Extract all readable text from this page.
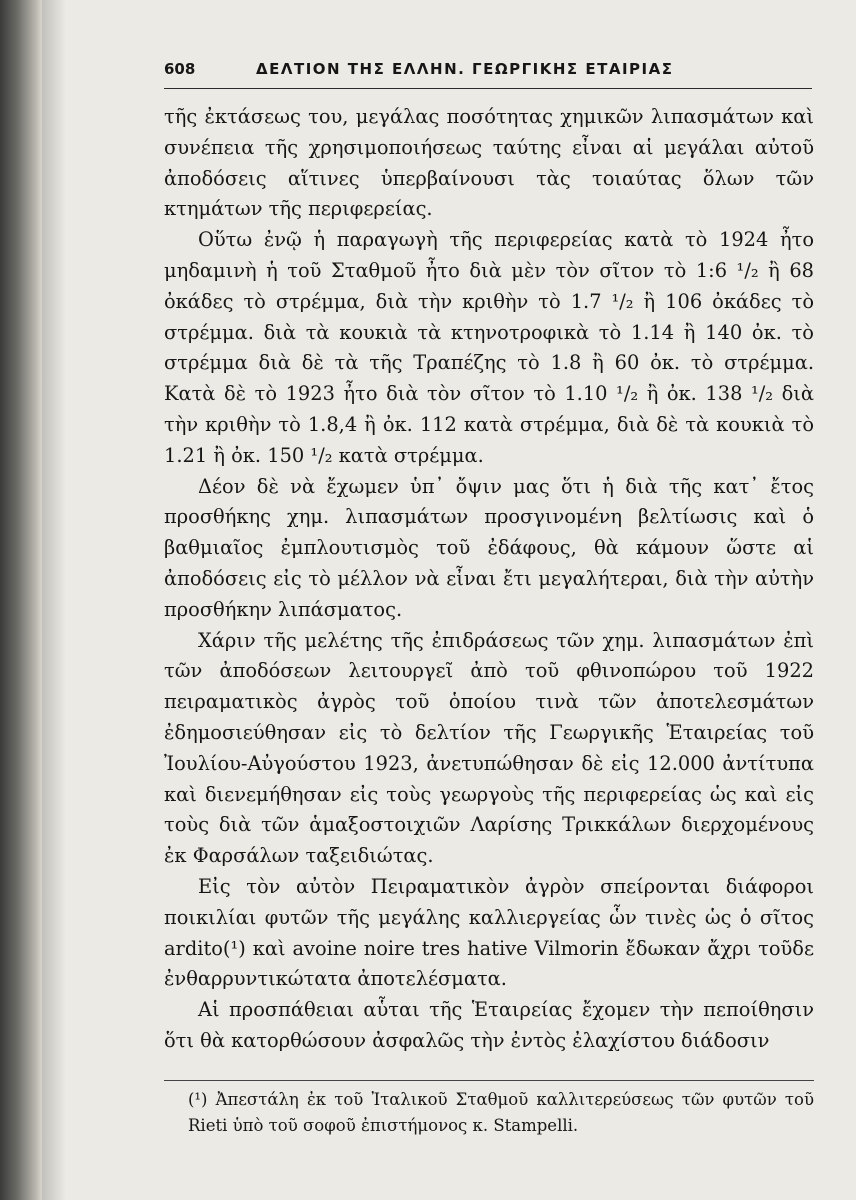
608	ΔΕΛΤΙΟΝ ΤΗΣ ΕΛΛΗΝ. ΓΕΩΡΓΙΚΗΣ ΕΤΑΙΡΙΑΣ

τῆς ἐκτάσεως του, μεγάλας ποσότητας χημικῶν λιπασμάτων καὶ συνέπεια τῆς χρησιμοποιήσεως ταύτης εἶναι αἱ μεγάλαι αὐτοῦ ἀποδόσεις αἵτινες ὑπερβαίνουσι τὰς τοιαύτας ὅλων τῶν κτημάτων τῆς περιφερείας.

Οὕτω ἐνῷ ἡ παραγωγὴ τῆς περιφερείας κατὰ τὸ 1924 ἦτο μηδαμινὴ ἡ τοῦ Σταθμοῦ ἦτο διὰ μὲν τὸν σῖτον τὸ 1:6 ¹/₂ ἢ 68 ὀκάδες τὸ στρέμμα, διὰ τὴν κριθὴν τὸ 1.7 ¹/₂ ἢ 106 ὀκάδες τὸ στρέμμα. διὰ τὰ κουκιὰ τὰ κτηνοτροφικὰ τὸ 1.14 ἢ 140 ὀκ. τὸ στρέμμα διὰ δὲ τὰ τῆς Τραπέζης τὸ 1.8 ἢ 60 ὀκ. τὸ στρέμμα. Κατὰ δὲ τὸ 1923 ἦτο διὰ τὸν σῖτον τὸ 1.10 ¹/₂ ἢ ὀκ. 138 ¹/₂ διὰ τὴν κριθὴν τὸ 1.8,4 ἢ ὀκ. 112 κατὰ στρέμμα, διὰ δὲ τὰ κουκιὰ τὸ 1.21 ἢ ὀκ. 150 ¹/₂ κατὰ στρέμμα.

Δέον δὲ νὰ ἔχωμεν ὑπ᾿ ὄψιν μας ὅτι ἡ διὰ τῆς κατ᾿ ἔτος προσθήκης χημ. λιπασμάτων προσγινομένη βελτίωσις καὶ ὁ βαθμιαῖος ἐμπλουτισμὸς τοῦ ἐδάφους, θὰ κάμουν ὥστε αἱ ἀποδόσεις εἰς τὸ μέλλον νὰ εἶναι ἔτι μεγαλήτεραι, διὰ τὴν αὐτὴν προσθήκην λιπάσματος.

Χάριν τῆς μελέτης τῆς ἐπιδράσεως τῶν χημ. λιπασμάτων ἐπὶ τῶν ἀποδόσεων λειτουργεῖ ἀπὸ τοῦ φθινοπώρου τοῦ 1922 πειραματικὸς ἀγρὸς τοῦ ὁποίου τινὰ τῶν ἀποτελεσμάτων ἐδημοσιεύθησαν εἰς τὸ δελτίον τῆς Γεωργικῆς Ἑταιρείας τοῦ Ἰουλίου-Αὐγούστου 1923, ἀνετυπώθησαν δὲ εἰς 12.000 ἀντίτυπα καὶ διενεμήθησαν εἰς τοὺς γεωργοὺς τῆς περιφερείας ὡς καὶ εἰς τοὺς διὰ τῶν ἁμαξοστοιχιῶν Λαρίσης Τρικκάλων διερχομένους ἐκ Φαρσάλων ταξειδιώτας.

Εἰς τὸν αὐτὸν Πειραματικὸν ἀγρὸν σπείρονται διάφοροι ποικιλίαι φυτῶν τῆς μεγάλης καλλιεργείας ὧν τινὲς ὡς ὁ σῖτος ardito(¹) καὶ avoine noire tres hative Vilmorin ἔδωκαν ἄχρι τοῦδε ἐνθαρρυντικώτατα ἀποτελέσματα.

Αἱ προσπάθειαι αὗται τῆς Ἑταιρείας ἔχομεν τὴν πεποίθησιν ὅτι θὰ κατορθώσουν ἀσφαλῶς τὴν ἐντὸς ἐλαχίστου διάδοσιν

(¹) Ἀπεστάλη ἐκ τοῦ Ἰταλικοῦ Σταθμοῦ καλλιτερεύσεως τῶν φυτῶν τοῦ Rieti ὑπὸ τοῦ σοφοῦ ἐπιστήμονος κ. Stampelli.
